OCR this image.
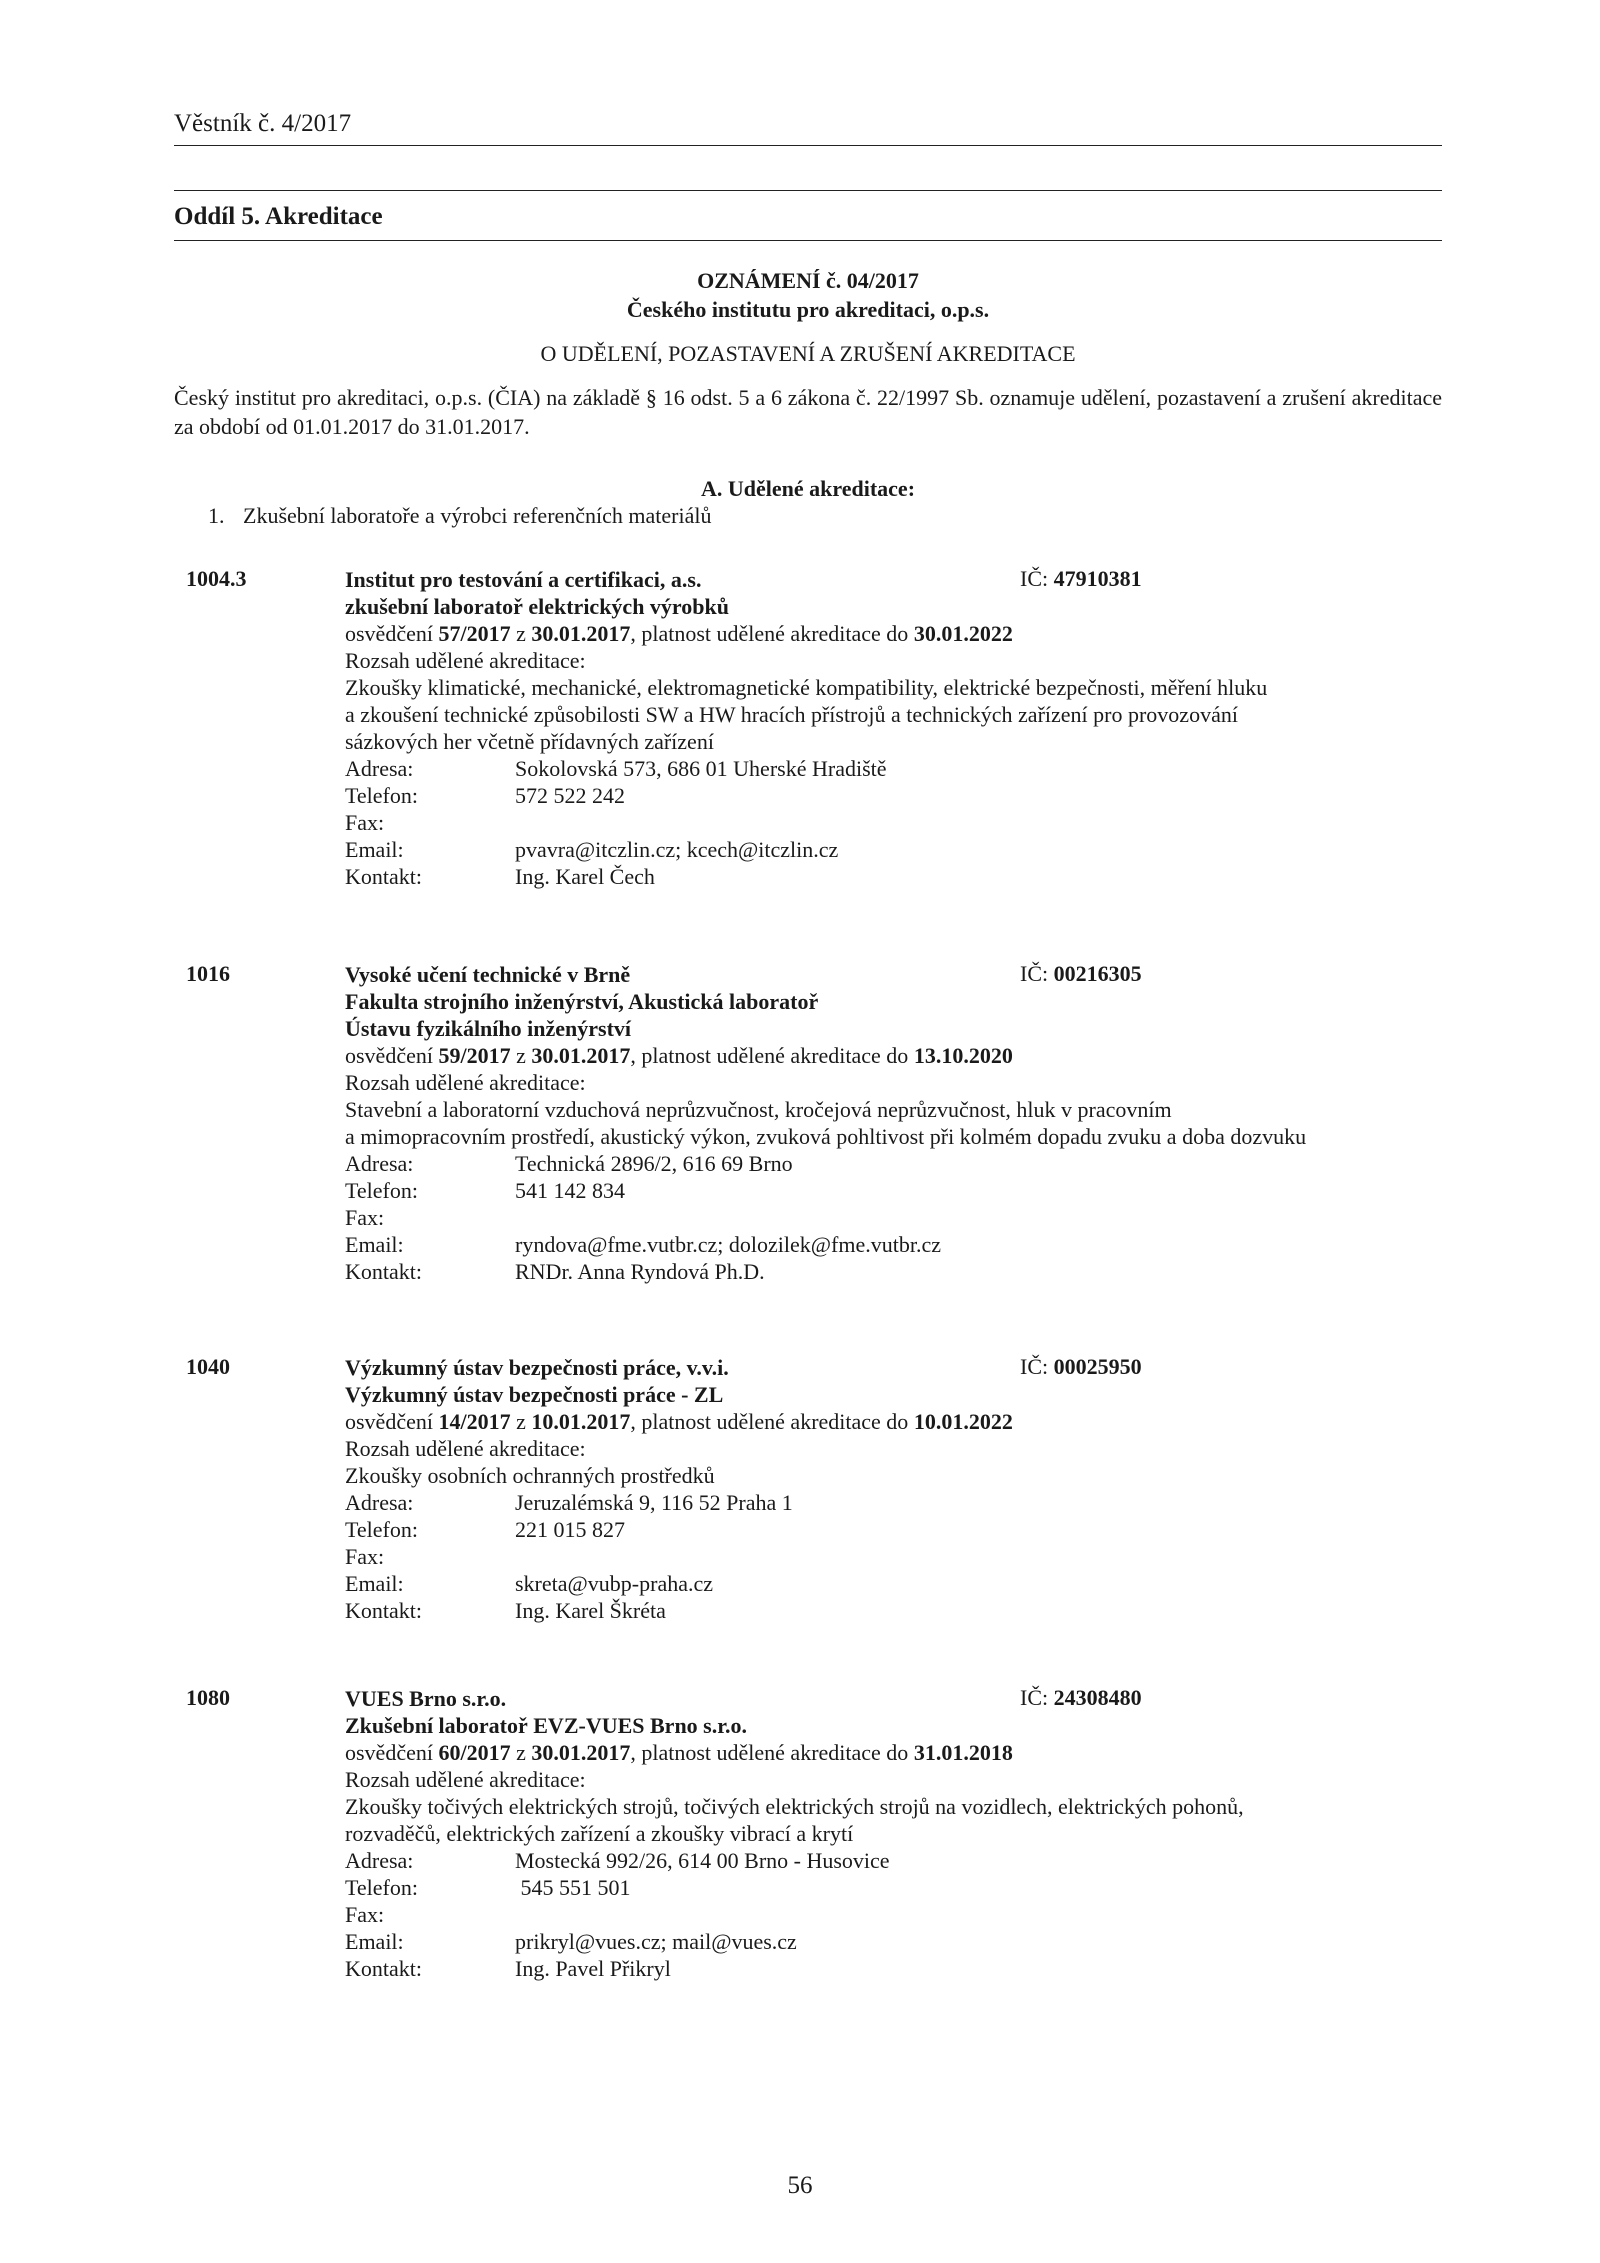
Věstník č. 4/2017
Oddíl 5. Akreditace
OZNÁMENÍ č. 04/2017
Českého institutu pro akreditaci, o.p.s.
O UDĚLENÍ, POZASTAVENÍ A ZRUŠENÍ AKREDITACE
Český institut pro akreditaci, o.p.s. (ČIA) na základě § 16 odst. 5 a 6 zákona č. 22/1997 Sb. oznamuje udělení, pozastavení a zrušení akreditace za období od 01.01.2017 do 31.01.2017.
A. Udělené akreditace:
1. Zkušební laboratoře a výrobci referenčních materiálů
1004.3	IČ: 47910381
Institut pro testování a certifikaci, a.s.
zkušební laboratoř elektrických výrobků
osvědčení 57/2017 z 30.01.2017, platnost udělené akreditace do 30.01.2022
Rozsah udělené akreditace:
Zkoušky klimatické, mechanické, elektromagnetické kompatibility, elektrické bezpečnosti, měření hluku
a zkoušení technické způsobilosti SW a HW hracích přístrojů a technických zařízení pro provozování
sázkových her včetně přídavných zařízení
Adresa:	Sokolovská 573, 686 01 Uherské Hradiště
Telefon:	572 522 242
Fax:
Email:	pvavra@itczlin.cz; kcech@itczlin.cz
Kontakt:	Ing. Karel Čech
1016	IČ: 00216305
Vysoké učení technické v Brně
Fakulta strojního inženýrství, Akustická laboratoř
Ústavu fyzikálního inženýrství
osvědčení 59/2017 z 30.01.2017, platnost udělené akreditace do 13.10.2020
Rozsah udělené akreditace:
Stavební a laboratorní vzduchová neprůzvučnost, kročejová neprůzvučnost, hluk v pracovním
a mimopracovním prostředí, akustický výkon, zvuková pohltivost při kolmém dopadu zvuku a doba dozvuku
Adresa:	Technická 2896/2, 616 69 Brno
Telefon:	541 142 834
Fax:
Email:	ryndova@fme.vutbr.cz; dolozilek@fme.vutbr.cz
Kontakt:	RNDr. Anna Ryndová Ph.D.
1040	IČ: 00025950
Výzkumný ústav bezpečnosti práce, v.v.i.
Výzkumný ústav bezpečnosti práce - ZL
osvědčení 14/2017 z 10.01.2017, platnost udělené akreditace do 10.01.2022
Rozsah udělené akreditace:
Zkoušky osobních ochranných prostředků
Adresa:	Jeruzalémská 9, 116 52 Praha 1
Telefon:	221 015 827
Fax:
Email:	skreta@vubp-praha.cz
Kontakt:	Ing. Karel Škréta
1080	IČ: 24308480
VUES Brno s.r.o.
Zkušební laboratoř EVZ-VUES Brno s.r.o.
osvědčení 60/2017 z 30.01.2017, platnost udělené akreditace do 31.01.2018
Rozsah udělené akreditace:
Zkoušky točivých elektrických strojů, točivých elektrických strojů na vozidlech, elektrických pohonů,
rozvaděčů, elektrických zařízení a zkoušky vibrací a krytí
Adresa:	Mostecká 992/26, 614 00 Brno - Husovice
Telefon:	545 551 501
Fax:
Email:	prikryl@vues.cz; mail@vues.cz
Kontakt:	Ing. Pavel Přikryl
56
